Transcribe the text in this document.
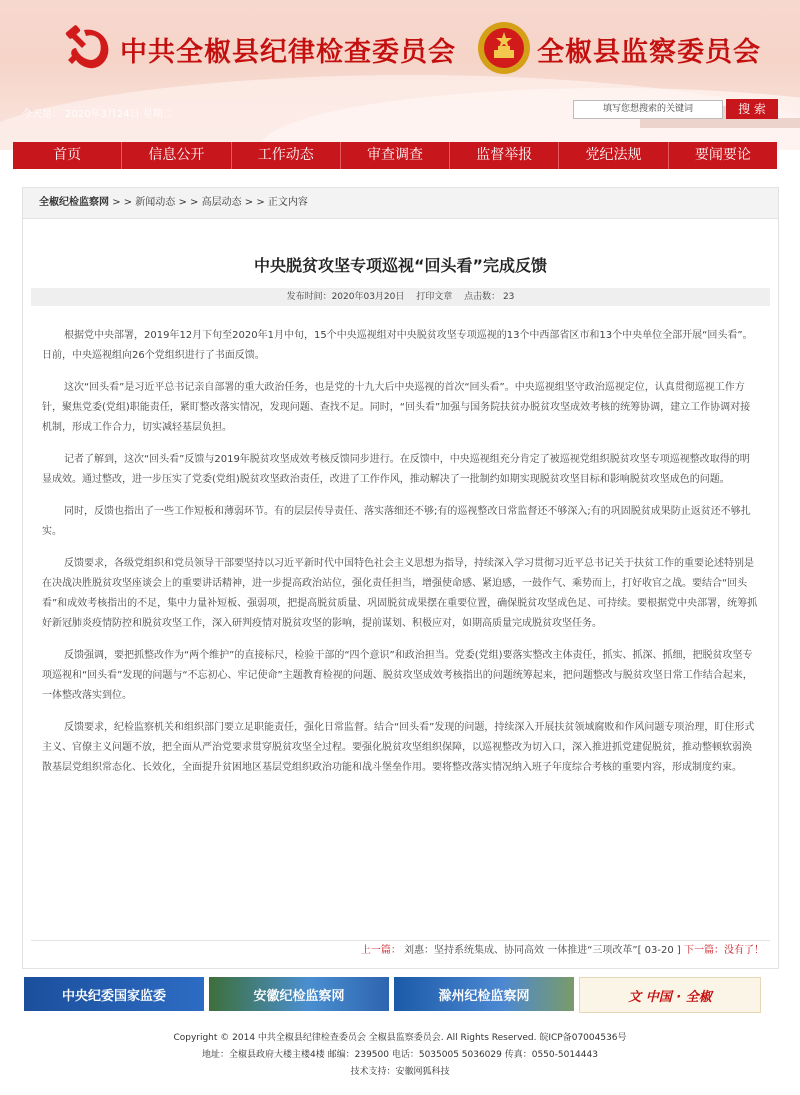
中共全椒县纪律检查委员会	全椒县监察委员会
今天是： 2020年3月24日 星期二
填写您想搜索的关键词	搜 索
首页	信息公开	工作动态	审查调查	监督举报	党纪法规	要闻要论
全椒纪检监察网 > > 新闻动态 > > 高层动态 > > 正文内容
中央脱贫攻坚专项巡视“回头看”完成反馈
发布时间：2020年03月20日　 打印文章　 点击数： 23

根据党中央部署，2019年12月下旬至2020年1月中旬，15个中央巡视组对中央脱贫攻坚专项巡视的13个中西部省区市和13个中央单位全部开展“回头看”。日前，中央巡视组向26个党组织进行了书面反馈。

这次“回头看”是习近平总书记亲自部署的重大政治任务，也是党的十九大后中央巡视的首次“回头看”。中央巡视组坚守政治巡视定位，认真贯彻巡视工作方针，聚焦党委(党组)职能责任，紧盯整改落实情况，发现问题、查找不足。同时，“回头看”加强与国务院扶贫办脱贫攻坚成效考核的统筹协调，建立工作协调对接机制，形成工作合力，切实减轻基层负担。

记者了解到，这次“回头看”反馈与2019年脱贫攻坚成效考核反馈同步进行。在反馈中，中央巡视组充分肯定了被巡视党组织脱贫攻坚专项巡视整改取得的明显成效。通过整改，进一步压实了党委(党组)脱贫攻坚政治责任，改进了工作作风，推动解决了一批制约如期实现脱贫攻坚目标和影响脱贫攻坚成色的问题。

同时，反馈也指出了一些工作短板和薄弱环节。有的层层传导责任、落实落细还不够;有的巡视整改日常监督还不够深入;有的巩固脱贫成果防止返贫还不够扎实。

反馈要求，各级党组织和党员领导干部要坚持以习近平新时代中国特色社会主义思想为指导，持续深入学习贯彻习近平总书记关于扶贫工作的重要论述特别是在决战决胜脱贫攻坚座谈会上的重要讲话精神，进一步提高政治站位，强化责任担当，增强使命感、紧迫感，一鼓作气、乘势而上，打好收官之战。要结合“回头看”和成效考核指出的不足，集中力量补短板、强弱项，把提高脱贫质量、巩固脱贫成果摆在重要位置，确保脱贫攻坚成色足、可持续。要根据党中央部署，统筹抓好新冠肺炎疫情防控和脱贫攻坚工作，深入研判疫情对脱贫攻坚的影响，提前谋划、积极应对，如期高质量完成脱贫攻坚任务。

反馈强调，要把抓整改作为“两个维护”的直接标尺，检验干部的“四个意识”和政治担当。党委(党组)要落实整改主体责任，抓实、抓深、抓细，把脱贫攻坚专项巡视和“回头看”发现的问题与“不忘初心、牢记使命”主题教育检视的问题、脱贫攻坚成效考核指出的问题统筹起来，把问题整改与脱贫攻坚日常工作结合起来，一体整改落实到位。

反馈要求，纪检监察机关和组织部门要立足职能责任，强化日常监督。结合“回头看”发现的问题，持续深入开展扶贫领域腐败和作风问题专项治理，盯住形式主义、官僚主义问题不放，把全面从严治党要求贯穿脱贫攻坚全过程。要强化脱贫攻坚组织保障，以巡视整改为切入口，深入推进抓党建促脱贫，推动整顿软弱涣散基层党组织常态化、长效化，全面提升贫困地区基层党组织政治功能和战斗堡垒作用。要将整改落实情况纳入班子年度综合考核的重要内容，形成制度约束。

上一篇： 刘惠：坚持系统集成、协同高效 一体推进“三项改革”[ 03-20 ] 下一篇：没有了！
中央纪委国家监委	安徽纪检监察网	滁州纪检监察网	文 中国 · 全椒
Copyright © 2014 中共全椒县纪律检查委员会 全椒县监察委员会. All Rights Reserved. 皖ICP备07004536号
地址：全椒县政府大楼主楼4楼 邮编：239500 电话：5035005 5036029 传真：0550-5014443
技术支持：安徽网狐科技
